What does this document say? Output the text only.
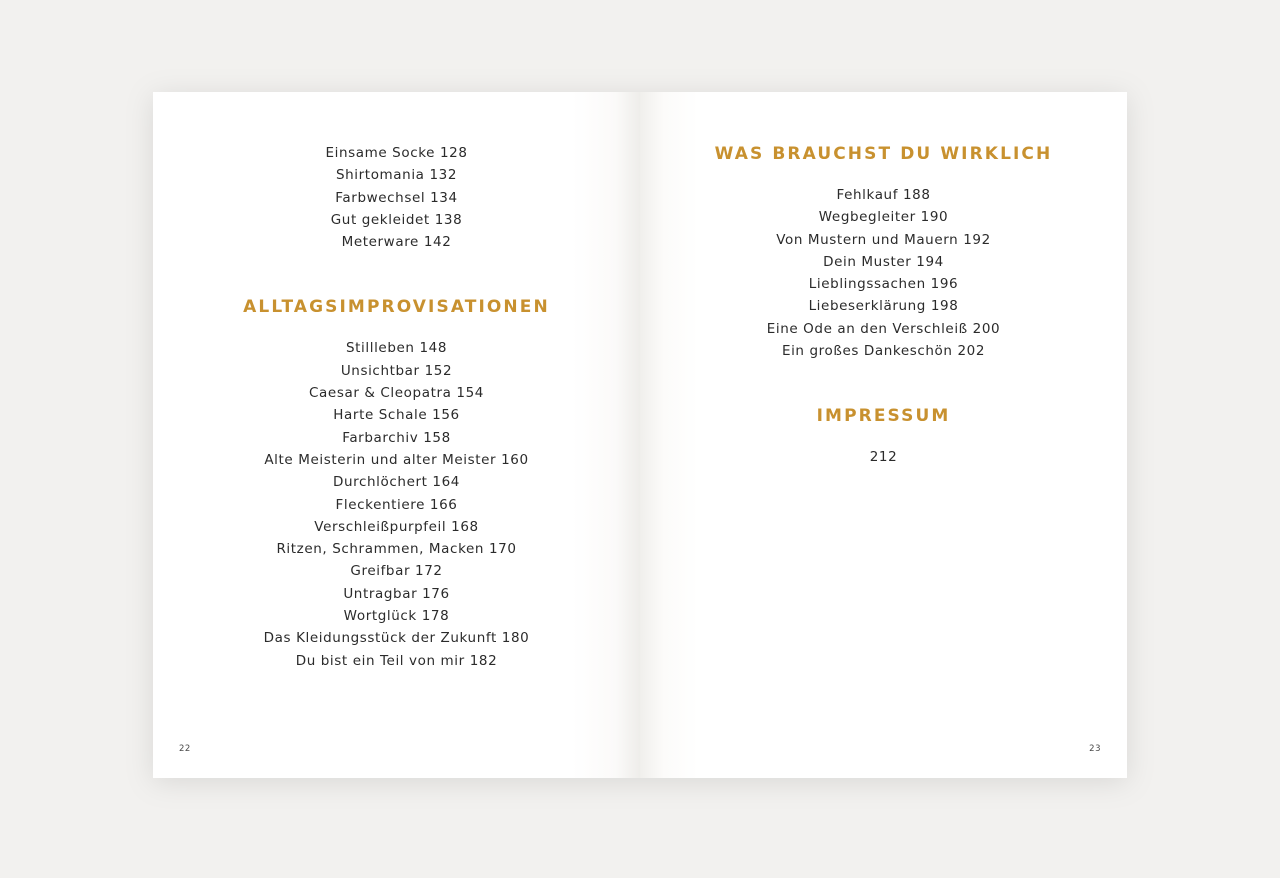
Einsame Socke 128
Shirtomania 132
Farbwechsel 134
Gut gekleidet 138
Meterware 142
ALLTAGSIMPROVISATIONEN
Stillleben 148
Unsichtbar 152
Caesar & Cleopatra 154
Harte Schale 156
Farbarchiv 158
Alte Meisterin und alter Meister 160
Durchlöchert 164
Fleckentiere 166
Verschleißpurpfeil 168
Ritzen, Schrammen, Macken 170
Greifbar 172
Untragbar 176
Wortglück 178
Das Kleidungsstück der Zukunft 180
Du bist ein Teil von mir 182
22
WAS BRAUCHST DU WIRKLICH
Fehlkauf 188
Wegbegleiter 190
Von Mustern und Mauern 192
Dein Muster 194
Lieblingssachen 196
Liebeserklärung 198
Eine Ode an den Verschleiß 200
Ein großes Dankeschön 202
IMPRESSUM
212
23
